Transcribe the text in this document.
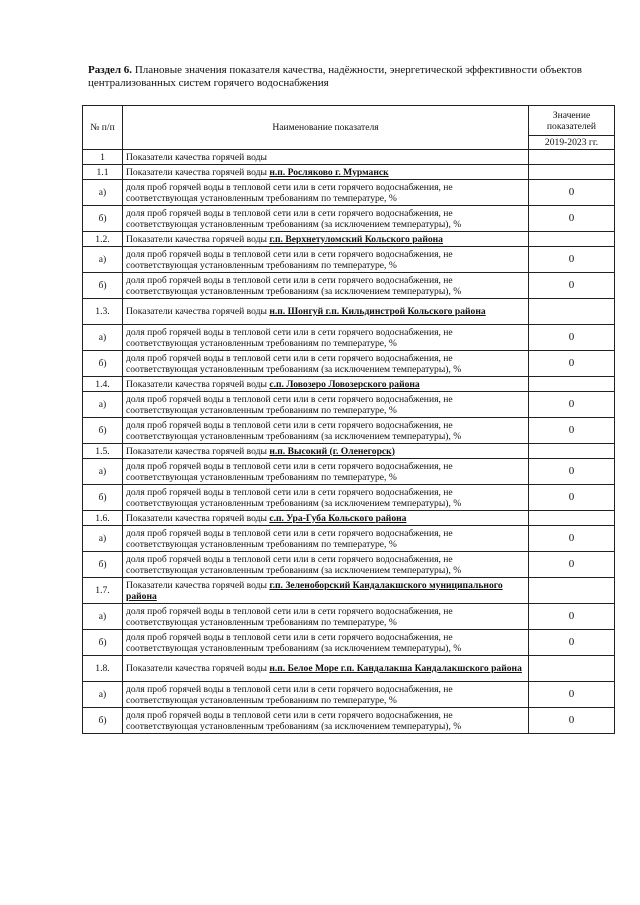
Раздел 6. Плановые значения показателя качества, надёжности, энергетической эффективности объектов централизованных систем горячего водоснабжения
№ п/п	Наименование показателя	Значение показателей
		2019-2023 гг.
1	Показатели качества горячей воды	
1.1	Показатели качества горячей воды н.п. Росляково г. Мурманск	
а)	доля проб горячей воды в тепловой сети или в сети горячего водоснабжения, не соответствующая установленным требованиям по температуре, %	0
б)	доля проб горячей воды в тепловой сети или в сети горячего водоснабжения, не соответствующая установленным требованиям (за исключением температуры), %	0
1.2.	Показатели качества горячей воды г.п. Верхнетуломский Кольского района	
а)	доля проб горячей воды в тепловой сети или в сети горячего водоснабжения, не соответствующая установленным требованиям по температуре, %	0
б)	доля проб горячей воды в тепловой сети или в сети горячего водоснабжения, не соответствующая установленным требованиям (за исключением температуры), %	0
1.3.	Показатели качества горячей воды н.п. Шонгуй г.п. Кильдинстрой Кольского района	
а)	доля проб горячей воды в тепловой сети или в сети горячего водоснабжения, не соответствующая установленным требованиям по температуре, %	0
б)	доля проб горячей воды в тепловой сети или в сети горячего водоснабжения, не соответствующая установленным требованиям (за исключением температуры), %	0
1.4.	Показатели качества горячей воды с.п. Ловозеро Ловозерского района	
а)	доля проб горячей воды в тепловой сети или в сети горячего водоснабжения, не соответствующая установленным требованиям по температуре, %	0
б)	доля проб горячей воды в тепловой сети или в сети горячего водоснабжения, не соответствующая установленным требованиям (за исключением температуры), %	0
1.5.	Показатели качества горячей воды н.п. Высокий (г. Оленегорск)	
а)	доля проб горячей воды в тепловой сети или в сети горячего водоснабжения, не соответствующая установленным требованиям по температуре, %	0
б)	доля проб горячей воды в тепловой сети или в сети горячего водоснабжения, не соответствующая установленным требованиям (за исключением температуры), %	0
1.6.	Показатели качества горячей воды с.п. Ура-Губа Кольского района	
а)	доля проб горячей воды в тепловой сети или в сети горячего водоснабжения, не соответствующая установленным требованиям по температуре, %	0
б)	доля проб горячей воды в тепловой сети или в сети горячего водоснабжения, не соответствующая установленным требованиям (за исключением температуры), %	0
1.7.	Показатели качества горячей воды г.п. Зеленоборский Кандалакшского муниципального района	
а)	доля проб горячей воды в тепловой сети или в сети горячего водоснабжения, не соответствующая установленным требованиям по температуре, %	0
б)	доля проб горячей воды в тепловой сети или в сети горячего водоснабжения, не соответствующая установленным требованиям (за исключением температуры), %	0
1.8.	Показатели качества горячей воды н.п. Белое Море г.п. Кандалакша Кандалакшского района	
а)	доля проб горячей воды в тепловой сети или в сети горячего водоснабжения, не соответствующая установленным требованиям по температуре, %	0
б)	доля проб горячей воды в тепловой сети или в сети горячего водоснабжения, не соответствующая установленным требованиям (за исключением температуры), %	0
